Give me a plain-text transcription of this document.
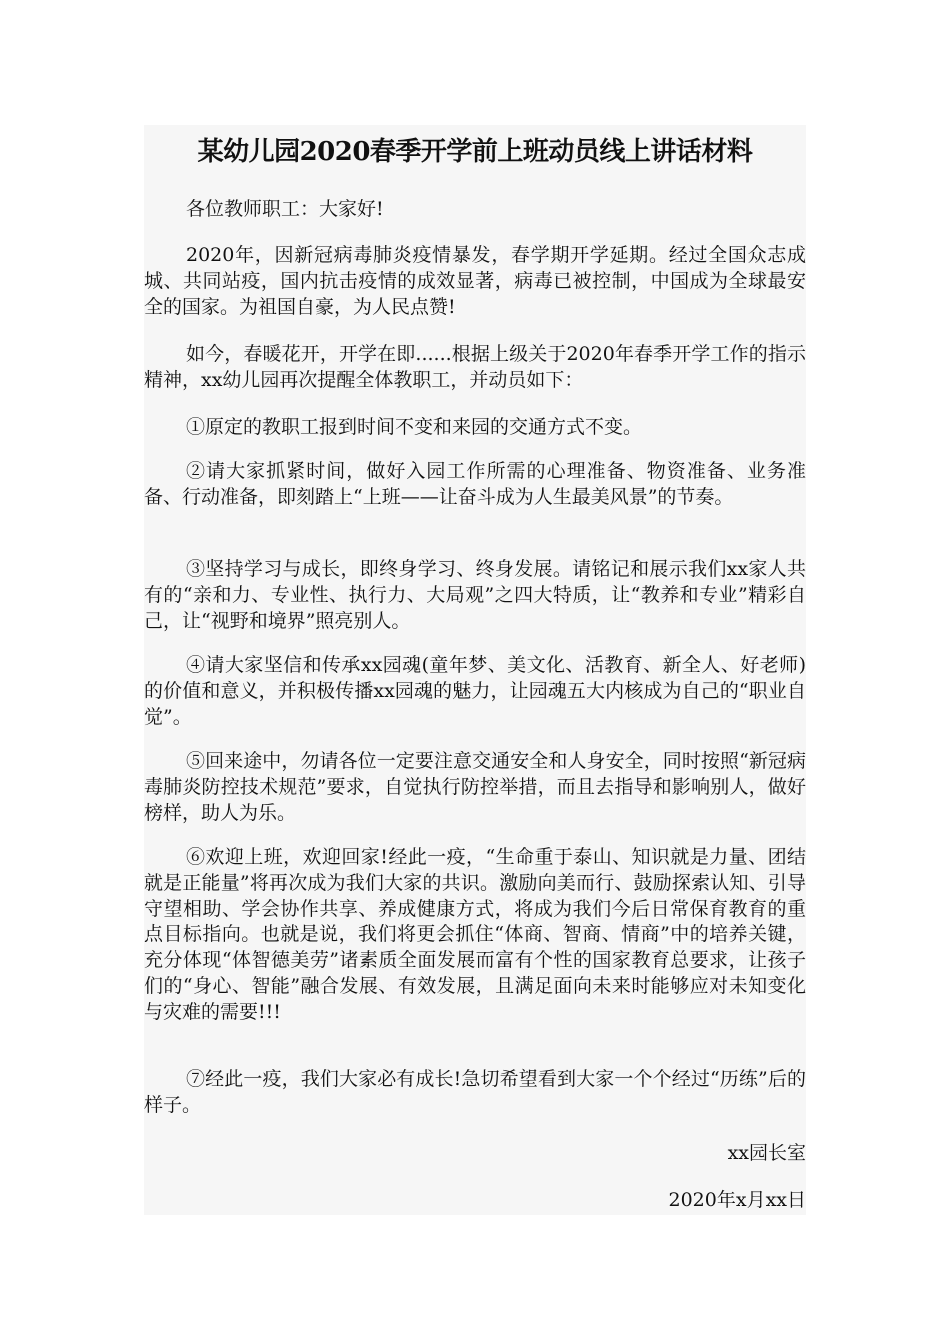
某幼儿园2020春季开学前上班动员线上讲话材料

各位教师职工：大家好!

2020年，因新冠病毒肺炎疫情暴发，春学期开学延期。经过全国众志成城、共同站疫，国内抗击疫情的成效显著，病毒已被控制，中国成为全球最安全的国家。为祖国自豪，为人民点赞!

如今，春暖花开，开学在即......根据上级关于2020年春季开学工作的指示精神，xx幼儿园再次提醒全体教职工，并动员如下：

①原定的教职工报到时间不变和来园的交通方式不变。

②请大家抓紧时间，做好入园工作所需的心理准备、物资准备、业务准备、行动准备，即刻踏上“上班——让奋斗成为人生最美风景”的节奏。

③坚持学习与成长，即终身学习、终身发展。请铭记和展示我们xx家人共有的“亲和力、专业性、执行力、大局观”之四大特质，让“教养和专业”精彩自己，让“视野和境界”照亮别人。

④请大家坚信和传承xx园魂(童年梦、美文化、活教育、新全人、好老师)的价值和意义，并积极传播xx园魂的魅力，让园魂五大内核成为自己的“职业自觉”。

⑤回来途中，勿请各位一定要注意交通安全和人身安全，同时按照“新冠病毒肺炎防控技术规范”要求，自觉执行防控举措，而且去指导和影响别人，做好榜样，助人为乐。

⑥欢迎上班，欢迎回家!经此一疫，“生命重于泰山、知识就是力量、团结就是正能量”将再次成为我们大家的共识。激励向美而行、鼓励探索认知、引导守望相助、学会协作共享、养成健康方式，将成为我们今后日常保育教育的重点目标指向。也就是说，我们将更会抓住“体商、智商、情商”中的培养关键，充分体现“体智德美劳”诸素质全面发展而富有个性的国家教育总要求，让孩子们的“身心、智能”融合发展、有效发展，且满足面向未来时能够应对未知变化与灾难的需要!!!

⑦经此一疫，我们大家必有成长!急切希望看到大家一个个经过“历练”后的样子。

xx园长室

2020年x月xx日
